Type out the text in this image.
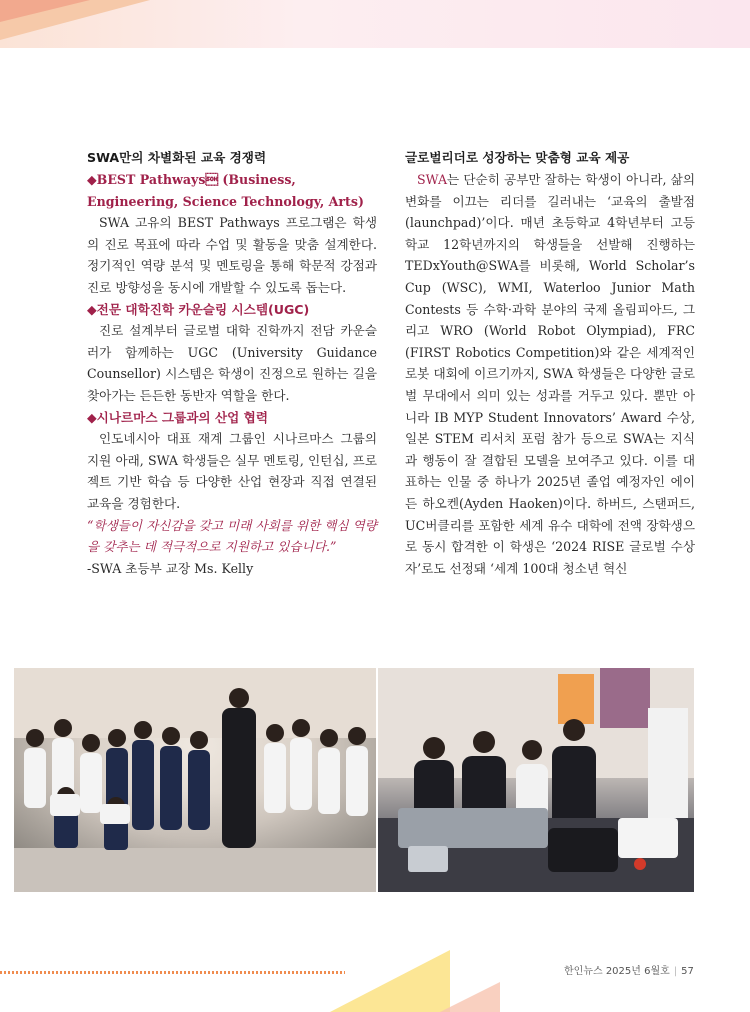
SWA만의 차별화된 교육 경쟁력
◆BEST Pathways (Business, Engineering, Science Technology, Arts)

SWA 고유의 BEST Pathways 프로그램은 학생의 진로 목표에 따라 수업 및 활동을 맞춤 설계한다. 정기적인 역량 분석 및 멘토링을 통해 학문적 강점과 진로 방향성을 동시에 개발할 수 있도록 돕는다.

◆전문 대학진학 카운슬링 시스템(UGC)

진로 설계부터 글로벌 대학 진학까지 전담 카운슬러가 함께하는 UGC (University Guidance Counsellor) 시스템은 학생이 진정으로 원하는 길을 찾아가는 든든한 동반자 역할을 한다.

◆시나르마스 그룹과의 산업 협력

인도네시아 대표 재계 그룹인 시나르마스 그룹의 지원 아래, SWA 학생들은 실무 멘토링, 인턴십, 프로젝트 기반 학습 등 다양한 산업 현장과 직접 연결된 교육을 경험한다.

“학생들이 자신감을 갖고 미래 사회를 위한 핵심 역량을 갖추는 데 적극적으로 지원하고 있습니다.”

-SWA 초등부 교장 Ms. Kelly

글로벌리더로 성장하는 맞춤형 교육 제공

SWA는 단순히 공부만 잘하는 학생이 아니라, 삶의 변화를 이끄는 리더를 길러내는 ‘교육의 출발점(launchpad)’이다. 매년 초등학교 4학년부터 고등학교 12학년까지의 학생들을 선발해 진행하는 TEDxYouth@SWA를 비롯해, World Scholar’s Cup (WSC), WMI, Waterloo Junior Math Contests 등 수학·과학 분야의 국제 올림피아드, 그리고 WRO (World Robot Olympiad), FRC (FIRST Robotics Competition)와 같은 세계적인 로봇 대회에 이르기까지, SWA 학생들은 다양한 글로벌 무대에서 의미 있는 성과를 거두고 있다. 뿐만 아니라 IB MYP Student Innovators’ Award 수상, 일본 STEM 리서치 포럼 참가 등으로 SWA는 지식과 행동이 잘 결합된 모델을 보여주고 있다. 이를 대표하는 인물 중 하나가 2025년 졸업 예정자인 에이든 하오켄(Ayden Haoken)이다. 하버드, 스탠퍼드, UC버클리를 포함한 세계 유수 대학에 전액 장학생으로 동시 합격한 이 학생은 ‘2024 RISE 글로벌 수상자’로도 선정돼 ‘세계 100대 청소년 혁신

한인뉴스 2025년 6월호 | 57
